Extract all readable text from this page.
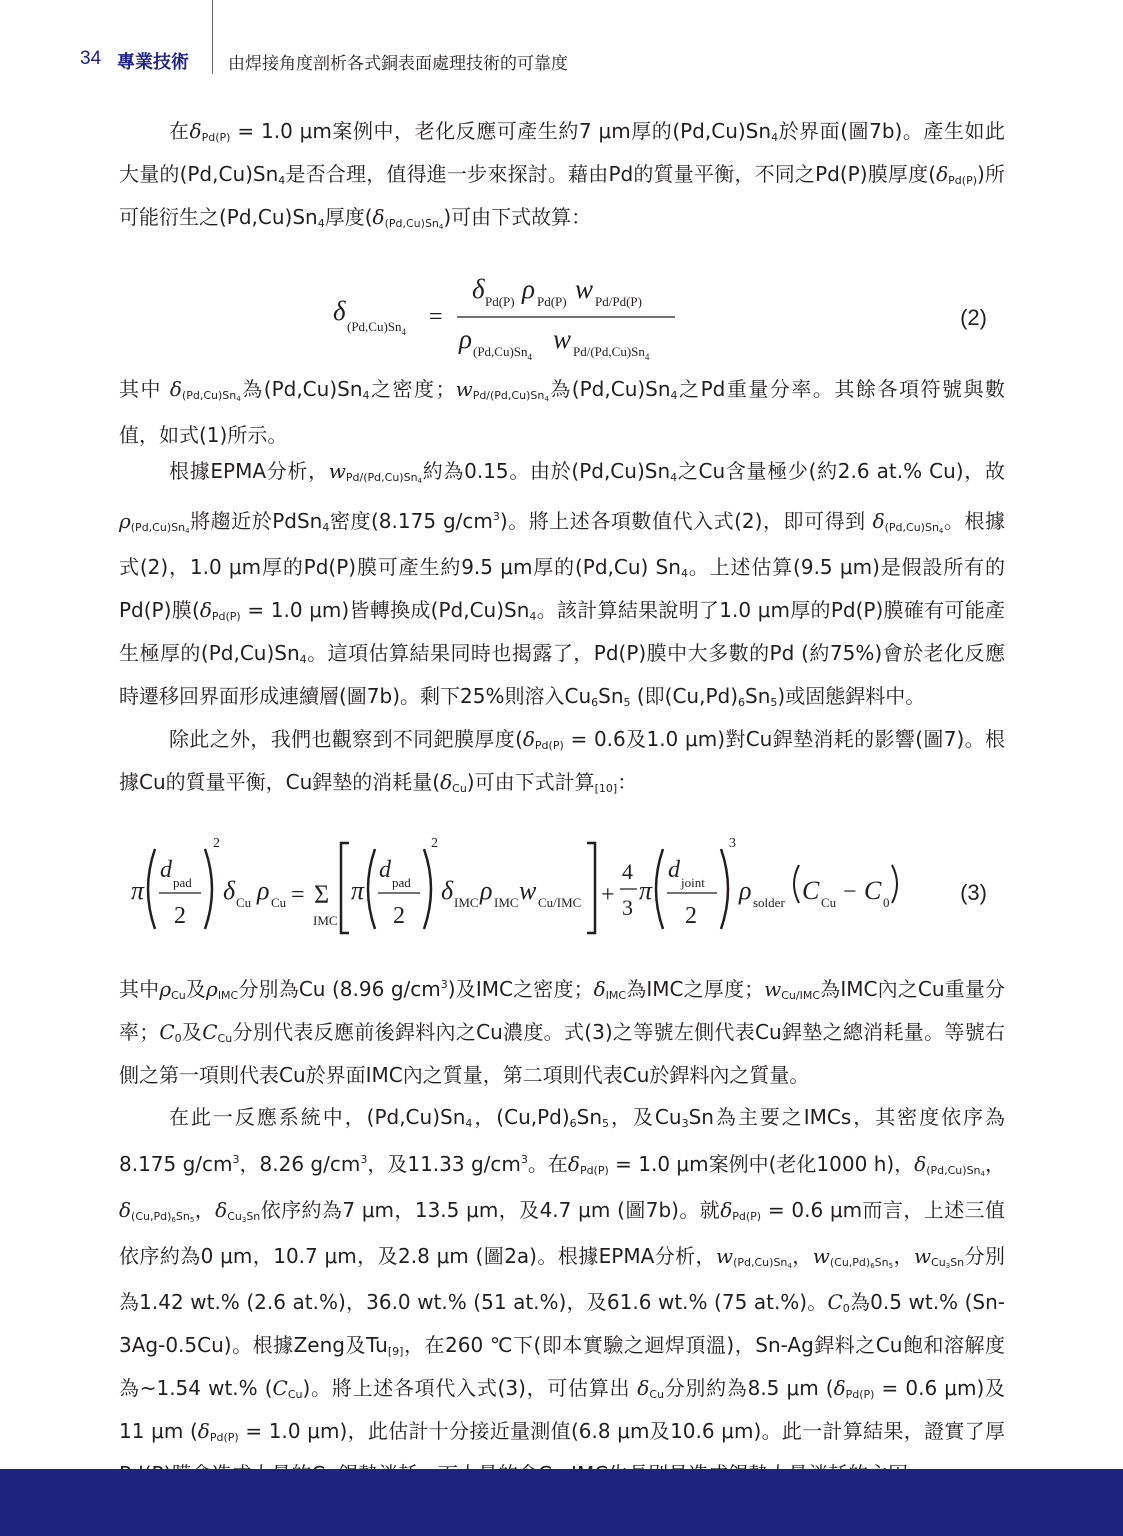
34 專業技術 由焊接角度剖析各式銅表面處理技術的可靠度

在$\delta_{Pd(P)} = 1.0$ μm案例中，老化反應可產生約7 μm厚的$(Pd,Cu)Sn_4$於界面(圖7b)。產生如此大量的$(Pd,Cu)Sn_4$是否合理，值得進一步來探討。藉由Pd的質量平衡，不同之Pd(P)膜厚度$(\delta_{Pd(P)})$所可能衍生之$(Pd,Cu)Sn_4$厚度$(\delta_{(Pd,Cu)Sn_4})$可由下式故算：

δ
$(Pd,Cu)Sn_4$
=
δ Pd(P) ρ Pd(P) w Pd/Pd(P)
ρ $(Pd,Cu)Sn_4$
w $Pd/(Pd,Cu)Sn_4$
(2)

其中 $\delta_{(Pd,Cu)Sn_4}$為$(Pd,Cu)Sn_4$之密度；$w_{Pd/(Pd,Cu)Sn_4}$為$(Pd,Cu)Sn_4$之Pd重量分率。其餘各項符號與數值，如式(1)所示。

根據EPMA分析，$w_{Pd/(Pd,Cu)Sn_4}$約為0.15。由於$(Pd,Cu)Sn_4$之Cu含量極少(約2.6 at.% Cu)，故$\rho_{(Pd,Cu)Sn_4}$將趨近於PdSn$_4$密度(8.175 $g/cm^3$)。將上述各項數值代入式(2)，即可得到 $\delta_{(Pd,Cu)Sn_4}$。根據式(2)，1.0 μm厚的Pd(P)膜可產生約9.5 μm厚的(Pd,Cu) $Sn_4$。上述估算(9.5 μm)是假設所有的Pd(P)膜($\delta_{Pd(P)} = 1.0$ μm)皆轉換成$(Pd,Cu)Sn_4$。該計算結果說明了1.0 μm厚的Pd(P)膜確有可能產生極厚的$(Pd,Cu)Sn_4$。這項估算結果同時也揭露了，Pd(P)膜中大多數的Pd (約75%)會於老化反應時遷移回界面形成連續層(圖7b)。剩下25%則溶入$Cu_6Sn_5$ (即$(Cu,Pd)_6Sn_5$)或固態銲料中。

除此之外，我們也觀察到不同鈀膜厚度($\delta_{Pd(P)} = 0.6$及1.0 μm)對Cu銲墊消耗的影響(圖7)。根據Cu的質量平衡，Cu銲墊的消耗量$(\delta_{Cu})$可由下式計算$_{[10]}$：

π
d pad
2
2
δ Cu ρ Cu = Σ
IMC
π
d pad
2
2
δ IMC ρ IMC w Cu/IMC +
4
3
π
d joint
2
3
ρ solder C Cu − C 0	(3)

其中$\rho_{Cu}$及$\rho_{IMC}$分別為Cu (8.96 $g/cm^3$)及IMC之密度；$\delta_{IMC}$為IMC之厚度；$w_{Cu/IMC}$為IMC內之Cu重量分率；$C_0$及$C_{Cu}$分別代表反應前後銲料內之Cu濃度。式(3)之等號左側代表Cu銲墊之總消耗量。等號右側之第一項則代表Cu於界面IMC內之質量，第二項則代表Cu於銲料內之質量。

在此一反應系統中，$(Pd,Cu)Sn_4$，$(Cu,Pd)_6Sn_5$，及$Cu_3Sn$為主要之IMCs，其密度依序為8.175 $g/cm^3$，8.26 $g/cm^3$，及11.33 $g/cm^3$。在$\delta_{Pd(P)} = 1.0$ μm案例中(老化1000 h)，$\delta_{(Pd,Cu)Sn_4}$，$\delta_{(Cu,Pd)_6Sn_5}$，$\delta_{Cu_3Sn}$依序約為7 μm，13.5 μm，及4.7 μm (圖7b)。就$\delta_{Pd(P)} = 0.6$ μm而言，上述三值依序約為0 μm，10.7 μm，及2.8 μm (圖2a)。根據EPMA分析，$w_{(Pd,Cu)Sn_4}$，$w_{(Cu,Pd)_6Sn_5}$，$w_{Cu_3Sn}$分別為1.42 wt.% (2.6 at.%)，36.0 wt.% (51 at.%)，及61.6 wt.% (75 at.%)。$C_0$為0.5 wt.% (Sn-3Ag-0.5Cu)。根據Zeng及$Tu_{[9]}$，在260 ℃下(即本實驗之迴焊頂溫)，Sn-Ag銲料之Cu飽和溶解度為~1.54 wt.% $(C_{Cu})$。將上述各項代入式(3)，可估算出 $\delta_{Cu}$分別約為8.5 μm ($\delta_{Pd(P)} = 0.6$ μm)及11 μm ($\delta_{Pd(P)} = 1.0$ μm)，此估計十分接近量測值(6.8 μm及10.6 μm)。此一計算結果，證實了厚
